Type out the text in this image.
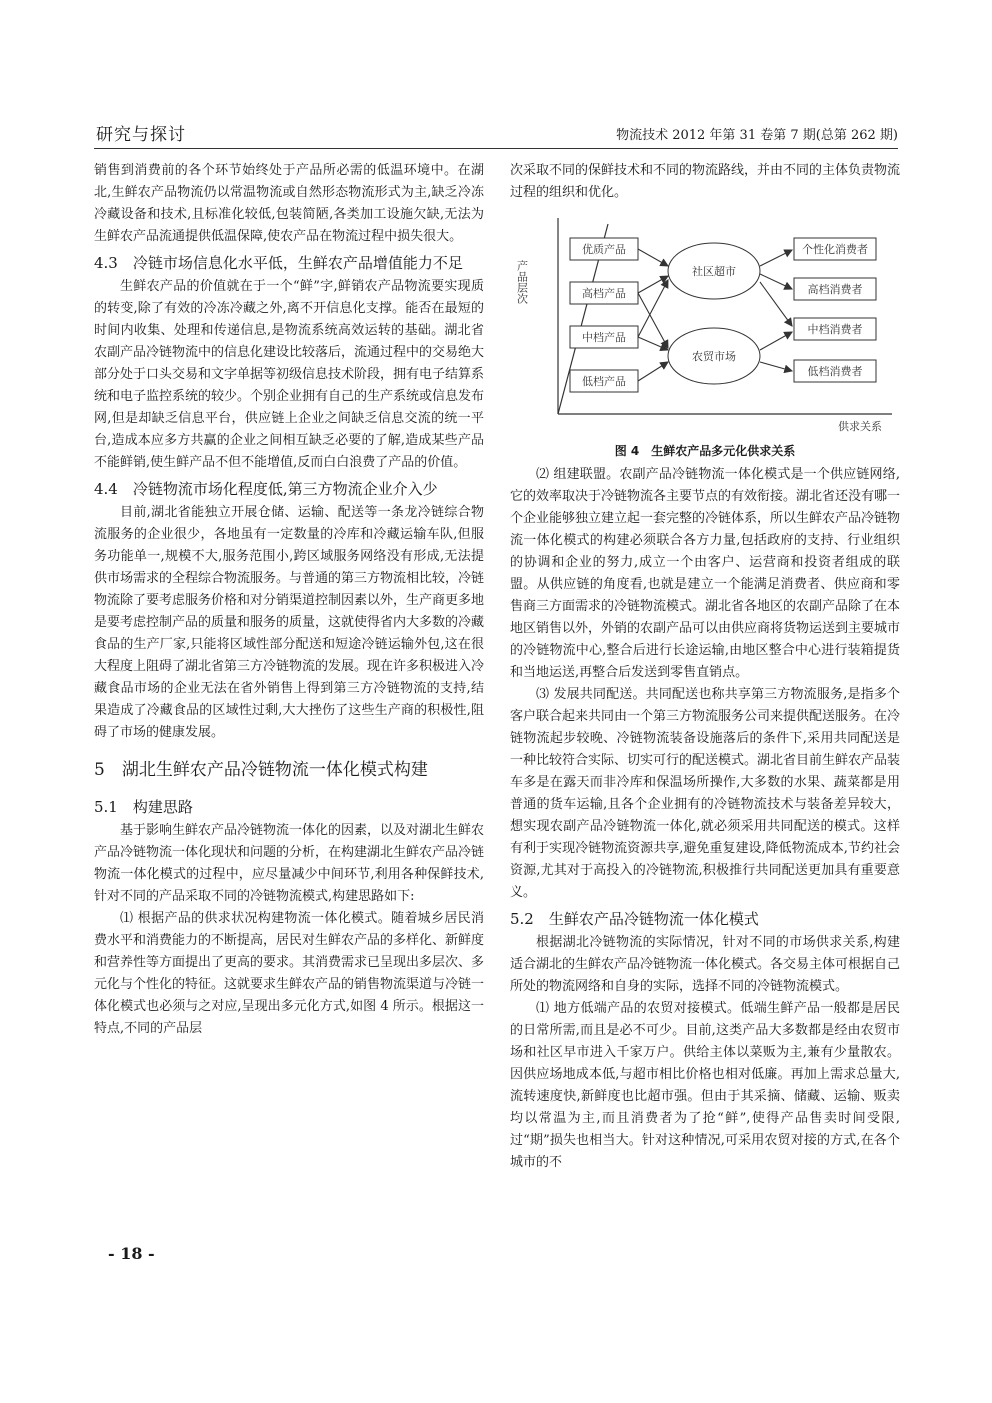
研究与探讨	物流技术 2012 年第 31 卷第 7 期(总第 262 期)

销售到消费前的各个环节始终处于产品所必需的低温环境中。在湖北,生鲜农产品物流仍以常温物流或自然形态物流形式为主,缺乏冷冻冷藏设备和技术,且标准化较低,包装简陋,各类加工设施欠缺,无法为生鲜农产品流通提供低温保障,使农产品在物流过程中损失很大。

4.3　冷链市场信息化水平低，生鲜农产品增值能力不足

生鲜农产品的价值就在于一个“鲜”字,鲜销农产品物流要实现质的转变,除了有效的冷冻冷藏之外,离不开信息化支撑。能否在最短的时间内收集、处理和传递信息,是物流系统高效运转的基础。湖北省农副产品冷链物流中的信息化建设比较落后，流通过程中的交易绝大部分处于口头交易和文字单据等初级信息技术阶段，拥有电子结算系统和电子监控系统的较少。个别企业拥有自己的生产系统或信息发布网,但是却缺乏信息平台，供应链上企业之间缺乏信息交流的统一平台,造成本应多方共赢的企业之间相互缺乏必要的了解,造成某些产品不能鲜销,使生鲜产品不但不能增值,反而白白浪费了产品的价值。

4.4　冷链物流市场化程度低,第三方物流企业介入少

目前,湖北省能独立开展仓储、运输、配送等一条龙冷链综合物流服务的企业很少，各地虽有一定数量的冷库和冷藏运输车队,但服务功能单一,规模不大,服务范围小,跨区域服务网络没有形成,无法提供市场需求的全程综合物流服务。与普通的第三方物流相比较，冷链物流除了要考虑服务价格和对分销渠道控制因素以外，生产商更多地是要考虑控制产品的质量和服务的质量，这就使得省内大多数的冷藏食品的生产厂家,只能将区域性部分配送和短途冷链运输外包,这在很大程度上阻碍了湖北省第三方冷链物流的发展。现在许多积极进入冷藏食品市场的企业无法在省外销售上得到第三方冷链物流的支持,结果造成了冷藏食品的区域性过剩,大大挫伤了这些生产商的积极性,阻碍了市场的健康发展。

5　湖北生鲜农产品冷链物流一体化模式构建
5.1　构建思路

基于影响生鲜农产品冷链物流一体化的因素，以及对湖北生鲜农产品冷链物流一体化现状和问题的分析，在构建湖北生鲜农产品冷链物流一体化模式的过程中，应尽量减少中间环节,利用各种保鲜技术,针对不同的产品采取不同的冷链物流模式,构建思路如下:

⑴ 根据产品的供求状况构建物流一体化模式。随着城乡居民消费水平和消费能力的不断提高，居民对生鲜农产品的多样化、新鲜度和营养性等方面提出了更高的要求。其消费需求已呈现出多层次、多元化与个性化的特征。这就要求生鲜农产品的销售物流渠道与冷链一体化模式也必须与之对应,呈现出多元化方式,如图 4 所示。根据这一特点,不同的产品层

次采取不同的保鲜技术和不同的物流路线，并由不同的主体负责物流过程的组织和优化。

产品层次
供求关系
优质产品
高档产品
中档产品
低档产品
社区超市
农贸市场
个性化消费者
高档消费者
中档消费者
低档消费者
图 4　生鲜农产品多元化供求关系

⑵ 组建联盟。农副产品冷链物流一体化模式是一个供应链网络,它的效率取决于冷链物流各主要节点的有效衔接。湖北省还没有哪一个企业能够独立建立起一套完整的冷链体系，所以生鲜农产品冷链物流一体化模式的构建必须联合各方力量,包括政府的支持、行业组织的协调和企业的努力,成立一个由客户、运营商和投资者组成的联盟。从供应链的角度看,也就是建立一个能满足消费者、供应商和零售商三方面需求的冷链物流模式。湖北省各地区的农副产品除了在本地区销售以外，外销的农副产品可以由供应商将货物运送到主要城市的冷链物流中心,整合后进行长途运输,由地区整合中心进行装箱提货和当地运送,再整合后发送到零售直销点。

⑶ 发展共同配送。共同配送也称共享第三方物流服务,是指多个客户联合起来共同由一个第三方物流服务公司来提供配送服务。在冷链物流起步较晚、冷链物流装备设施落后的条件下,采用共同配送是一种比较符合实际、切实可行的配送模式。湖北省目前生鲜农产品装车多是在露天而非冷库和保温场所操作,大多数的水果、蔬菜都是用普通的货车运输,且各个企业拥有的冷链物流技术与装备差异较大，想实现农副产品冷链物流一体化,就必须采用共同配送的模式。这样有利于实现冷链物流资源共享,避免重复建设,降低物流成本,节约社会资源,尤其对于高投入的冷链物流,积极推行共同配送更加具有重要意义。

5.2　生鲜农产品冷链物流一体化模式

根据湖北冷链物流的实际情况，针对不同的市场供求关系,构建适合湖北的生鲜农产品冷链物流一体化模式。各交易主体可根据自己所处的物流网络和自身的实际，选择不同的冷链物流模式。

⑴ 地方低端产品的农贸对接模式。低端生鲜产品一般都是居民的日常所需,而且是必不可少。目前,这类产品大多数都是经由农贸市场和社区早市进入千家万户。供给主体以菜贩为主,兼有少量散农。因供应场地成本低,与超市相比价格也相对低廉。再加上需求总量大,流转速度快,新鲜度也比超市强。但由于其采摘、储藏、运输、贩卖均以常温为主,而且消费者为了抢“鲜”,使得产品售卖时间受限,过“期”损失也相当大。针对这种情况,可采用农贸对接的方式,在各个城市的不

- 18 -
